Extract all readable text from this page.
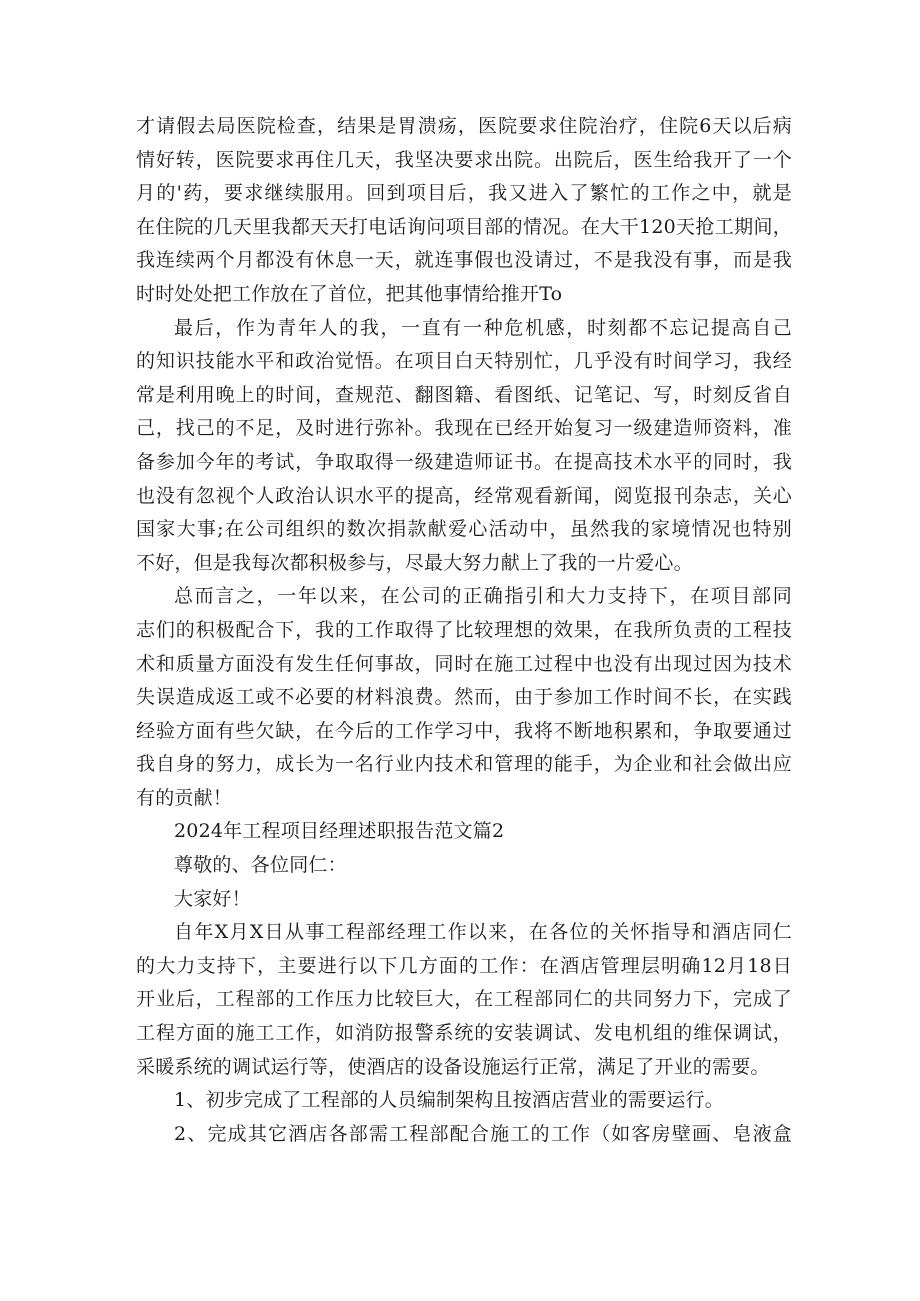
才请假去局医院检查，结果是胃溃疡，医院要求住院治疗，住院6天以后病
情好转，医院要求再住几天，我坚决要求出院。出院后，医生给我开了一个
月的'药，要求继续服用。回到项目后，我又进入了繁忙的工作之中，就是
在住院的几天里我都天天打电话询问项目部的情况。在大干120天抢工期间，
我连续两个月都没有休息一天，就连事假也没请过，不是我没有事，而是我
时时处处把工作放在了首位，把其他事情给推开To
最后，作为青年人的我，一直有一种危机感，时刻都不忘记提高自己
的知识技能水平和政治觉悟。在项目白天特别忙，几乎没有时间学习，我经
常是利用晚上的时间，查规范、翻图籍、看图纸、记笔记、写，时刻反省自
己，找己的不足，及时进行弥补。我现在已经开始复习一级建造师资料，准
备参加今年的考试，争取取得一级建造师证书。在提高技术水平的同时，我
也没有忽视个人政治认识水平的提高，经常观看新闻，阅览报刊杂志，关心
国家大事;在公司组织的数次捐款献爱心活动中，虽然我的家境情况也特别
不好，但是我每次都积极参与，尽最大努力献上了我的一片爱心。
总而言之，一年以来，在公司的正确指引和大力支持下，在项目部同
志们的积极配合下，我的工作取得了比较理想的效果，在我所负责的工程技
术和质量方面没有发生任何事故，同时在施工过程中也没有出现过因为技术
失误造成返工或不必要的材料浪费。然而，由于参加工作时间不长，在实践
经验方面有些欠缺，在今后的工作学习中，我将不断地积累和，争取要通过
我自身的努力，成长为一名行业内技术和管理的能手，为企业和社会做出应
有的贡献！
2024年工程项目经理述职报告范文篇2
尊敬的、各位同仁：
大家好！
自年X月X日从事工程部经理工作以来，在各位的关怀指导和酒店同仁
的大力支持下，主要进行以下几方面的工作：在酒店管理层明确12月18日
开业后，工程部的工作压力比较巨大，在工程部同仁的共同努力下，完成了
工程方面的施工工作，如消防报警系统的安装调试、发电机组的维保调试，
采暖系统的调试运行等，使酒店的设备设施运行正常，满足了开业的需要。
1、初步完成了工程部的人员编制架构且按酒店营业的需要运行。
2、完成其它酒店各部需工程部配合施工的工作（如客房壁画、皂液盒
